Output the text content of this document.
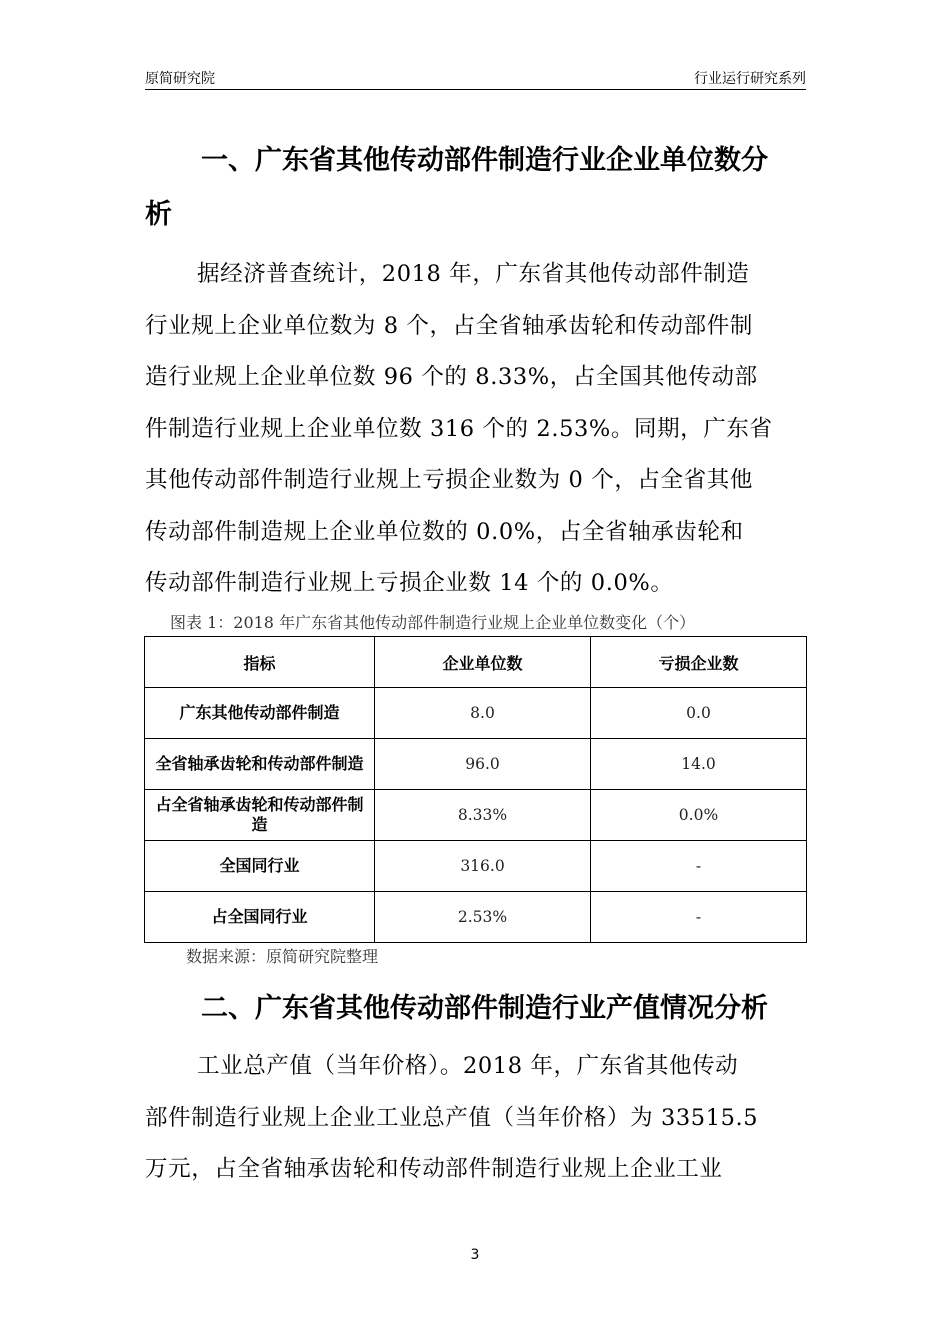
原简研究院	行业运行研究系列
一、广东省其他传动部件制造行业企业单位数分
析
据经济普查统计，2018 年，广东省其他传动部件制造
行业规上企业单位数为 8 个，占全省轴承齿轮和传动部件制
造行业规上企业单位数 96 个的 8.33%，占全国其他传动部
件制造行业规上企业单位数 316 个的 2.53%。同期，广东省
其他传动部件制造行业规上亏损企业数为 0 个，占全省其他
传动部件制造规上企业单位数的 0.0%，占全省轴承齿轮和
传动部件制造行业规上亏损企业数 14 个的 0.0%。
图表 1：2018 年广东省其他传动部件制造行业规上企业单位数变化（个）
指标	企业单位数	亏损企业数
广东其他传动部件制造	8.0	0.0
全省轴承齿轮和传动部件制造	96.0	14.0
占全省轴承齿轮和传动部件制造	8.33%	0.0%
全国同行业	316.0	-
占全国同行业	2.53%	-
数据来源：原简研究院整理
二、广东省其他传动部件制造行业产值情况分析
工业总产值（当年价格）。2018 年，广东省其他传动
部件制造行业规上企业工业总产值（当年价格）为 33515.5
万元，占全省轴承齿轮和传动部件制造行业规上企业工业
3
